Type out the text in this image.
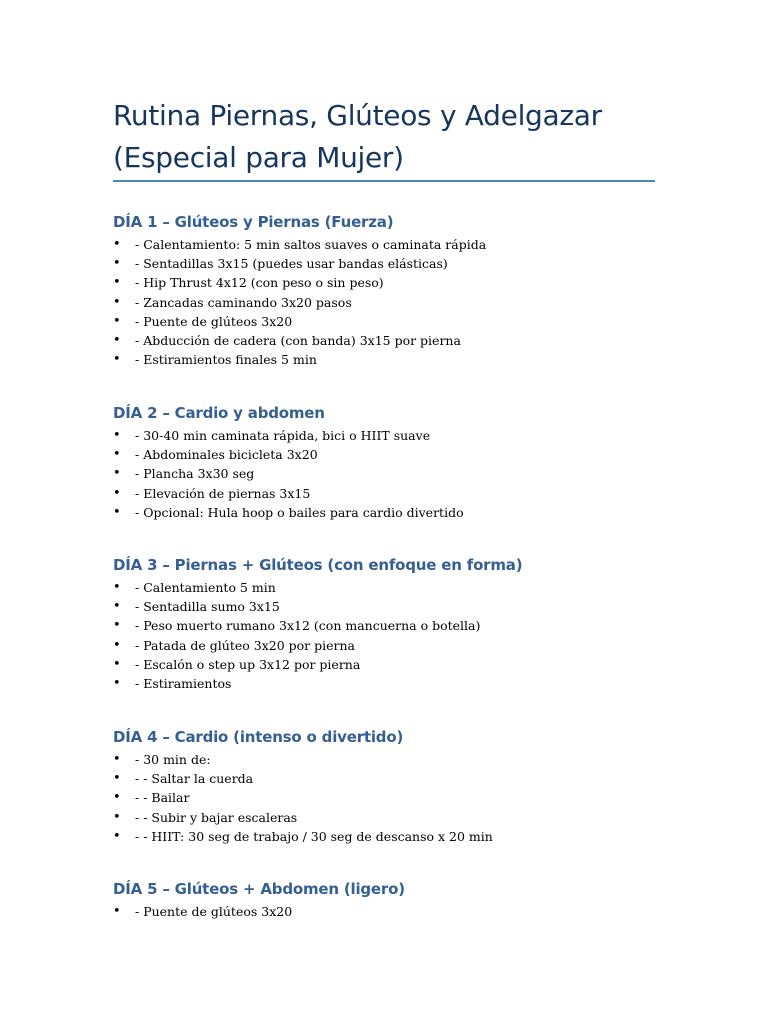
Rutina Piernas, Glúteos y Adelgazar (Especial para Mujer)
DÍA 1 – Glúteos y Piernas (Fuerza)
•	- Calentamiento: 5 min saltos suaves o caminata rápida
•	- Sentadillas 3x15 (puedes usar bandas elásticas)
•	- Hip Thrust 4x12 (con peso o sin peso)
•	- Zancadas caminando 3x20 pasos
•	- Puente de glúteos 3x20
•	- Abducción de cadera (con banda) 3x15 por pierna
•	- Estiramientos finales 5 min
DÍA 2 – Cardio y abdomen
•	- 30-40 min caminata rápida, bici o HIIT suave
•	- Abdominales bicicleta 3x20
•	- Plancha 3x30 seg
•	- Elevación de piernas 3x15
•	- Opcional: Hula hoop o bailes para cardio divertido
DÍA 3 – Piernas + Glúteos (con enfoque en forma)
•	- Calentamiento 5 min
•	- Sentadilla sumo 3x15
•	- Peso muerto rumano 3x12 (con mancuerna o botella)
•	- Patada de glúteo 3x20 por pierna
•	- Escalón o step up 3x12 por pierna
•	- Estiramientos
DÍA 4 – Cardio (intenso o divertido)
•	- 30 min de:
•	- - Saltar la cuerda
•	- - Bailar
•	- - Subir y bajar escaleras
•	- - HIIT: 30 seg de trabajo / 30 seg de descanso x 20 min
DÍA 5 – Glúteos + Abdomen (ligero)
•	- Puente de glúteos 3x20
